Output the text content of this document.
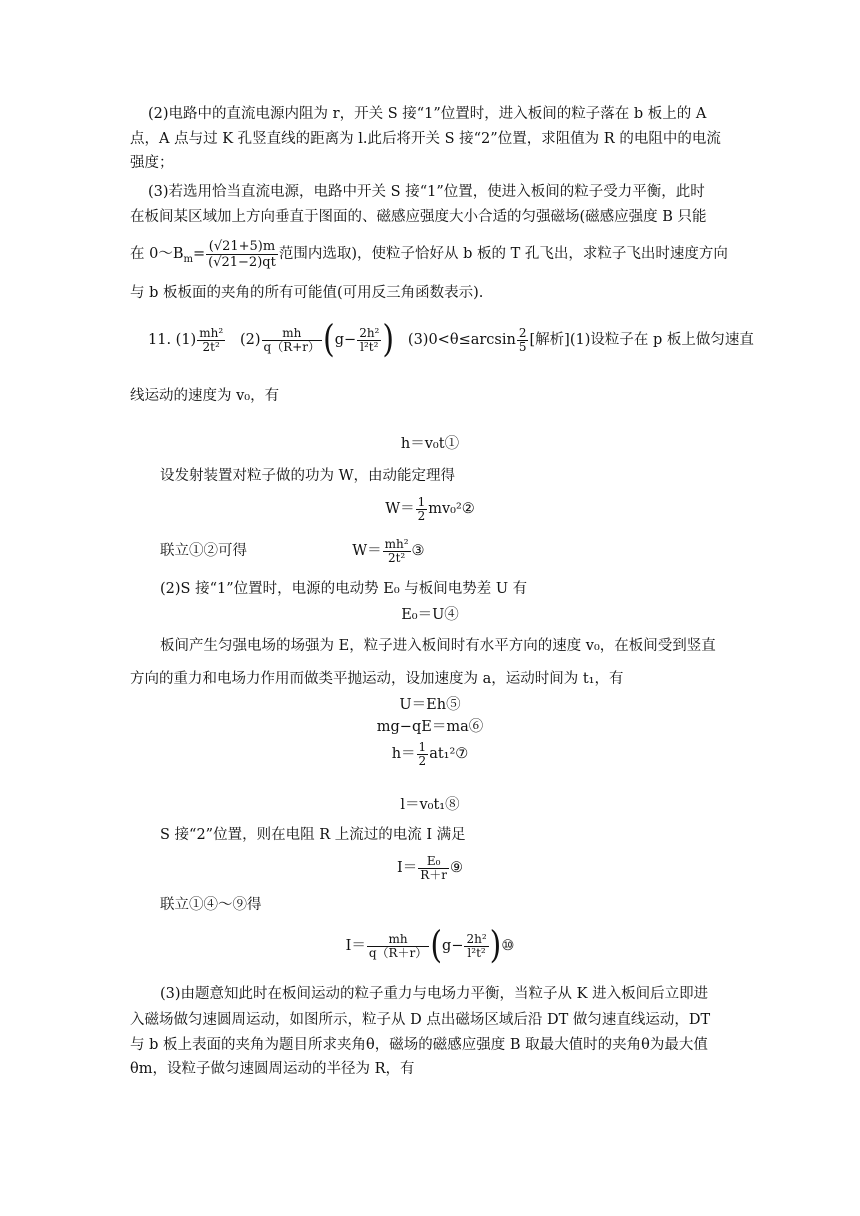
(2)电路中的直流电源内阻为 r，开关 S 接“1”位置时，进入板间的粒子落在 b 板上的 A
点，A 点与过 K 孔竖直线的距离为 l.此后将开关 S 接“2”位置，求阻值为 R 的电阻中的电流
强度；
(3)若选用恰当直流电源，电路中开关 S 接“1”位置，使进入板间的粒子受力平衡，此时
在板间某区域加上方向垂直于图面的、磁感应强度大小合适的匀强磁场(磁感应强度 B 只能
在 $0\sim B_m= \frac{(√21+5)m}{(√21-2)qt}$ 范围内选取)，使粒子恰好从 b 板的 T 孔飞出，求粒子飞出时速度方向
与 b 板板面的夹角的所有可能值(可用反三角函数表示).
11. $(1) \frac{\text{mh²}}{\text{2t²}} (2) \frac{mh}{q(R+r)} (g- \frac{\text{2h²}}{\text{l²t²}}$ ) $(3)0<\theta\le\arcsin \frac{2}{5}$ [解析](1)设粒子在 p 板上做匀速直
线运动的速度为 v₀，有
h＝v₀t①
设发射装置对粒子做的功为 W，由动能定理得
$W= \frac{1}{2}$ mv₀²②
联立①②可得	$W= \frac{\text{mh²}}{\text{2t²}}$ ③
(2)S 接“1”位置时，电源的电动势 E₀ 与板间电势差 U 有
E₀＝U④
板间产生匀强电场的场强为 E，粒子进入板间时有水平方向的速度 v₀，在板间受到竖直
方向的重力和电场力作用而做类平抛运动，设加速度为 a，运动时间为 t₁，有
U＝Eh⑤
mg−qE＝ma⑥
$h= \frac{1}{2}$ at₁²⑦
l＝v₀t₁⑧
S 接“2”位置，则在电阻 R 上流过的电流 I 满足
$I= \frac{\text{E₀}}{R+r}$ ⑨
联立①④～⑨得
$I= \frac{mh}{q(R+r)} (g- \frac{\text{2h²}}{\text{l²t²}}$ )⑩
(3)由题意知此时在板间运动的粒子重力与电场力平衡，当粒子从 K 进入板间后立即进
入磁场做匀速圆周运动，如图所示，粒子从 D 点出磁场区域后沿 DT 做匀速直线运动，DT
与 b 板上表面的夹角为题目所求夹角θ，磁场的磁感应强度 B 取最大值时的夹角θ为最大值
θm，设粒子做匀速圆周运动的半径为 R，有
